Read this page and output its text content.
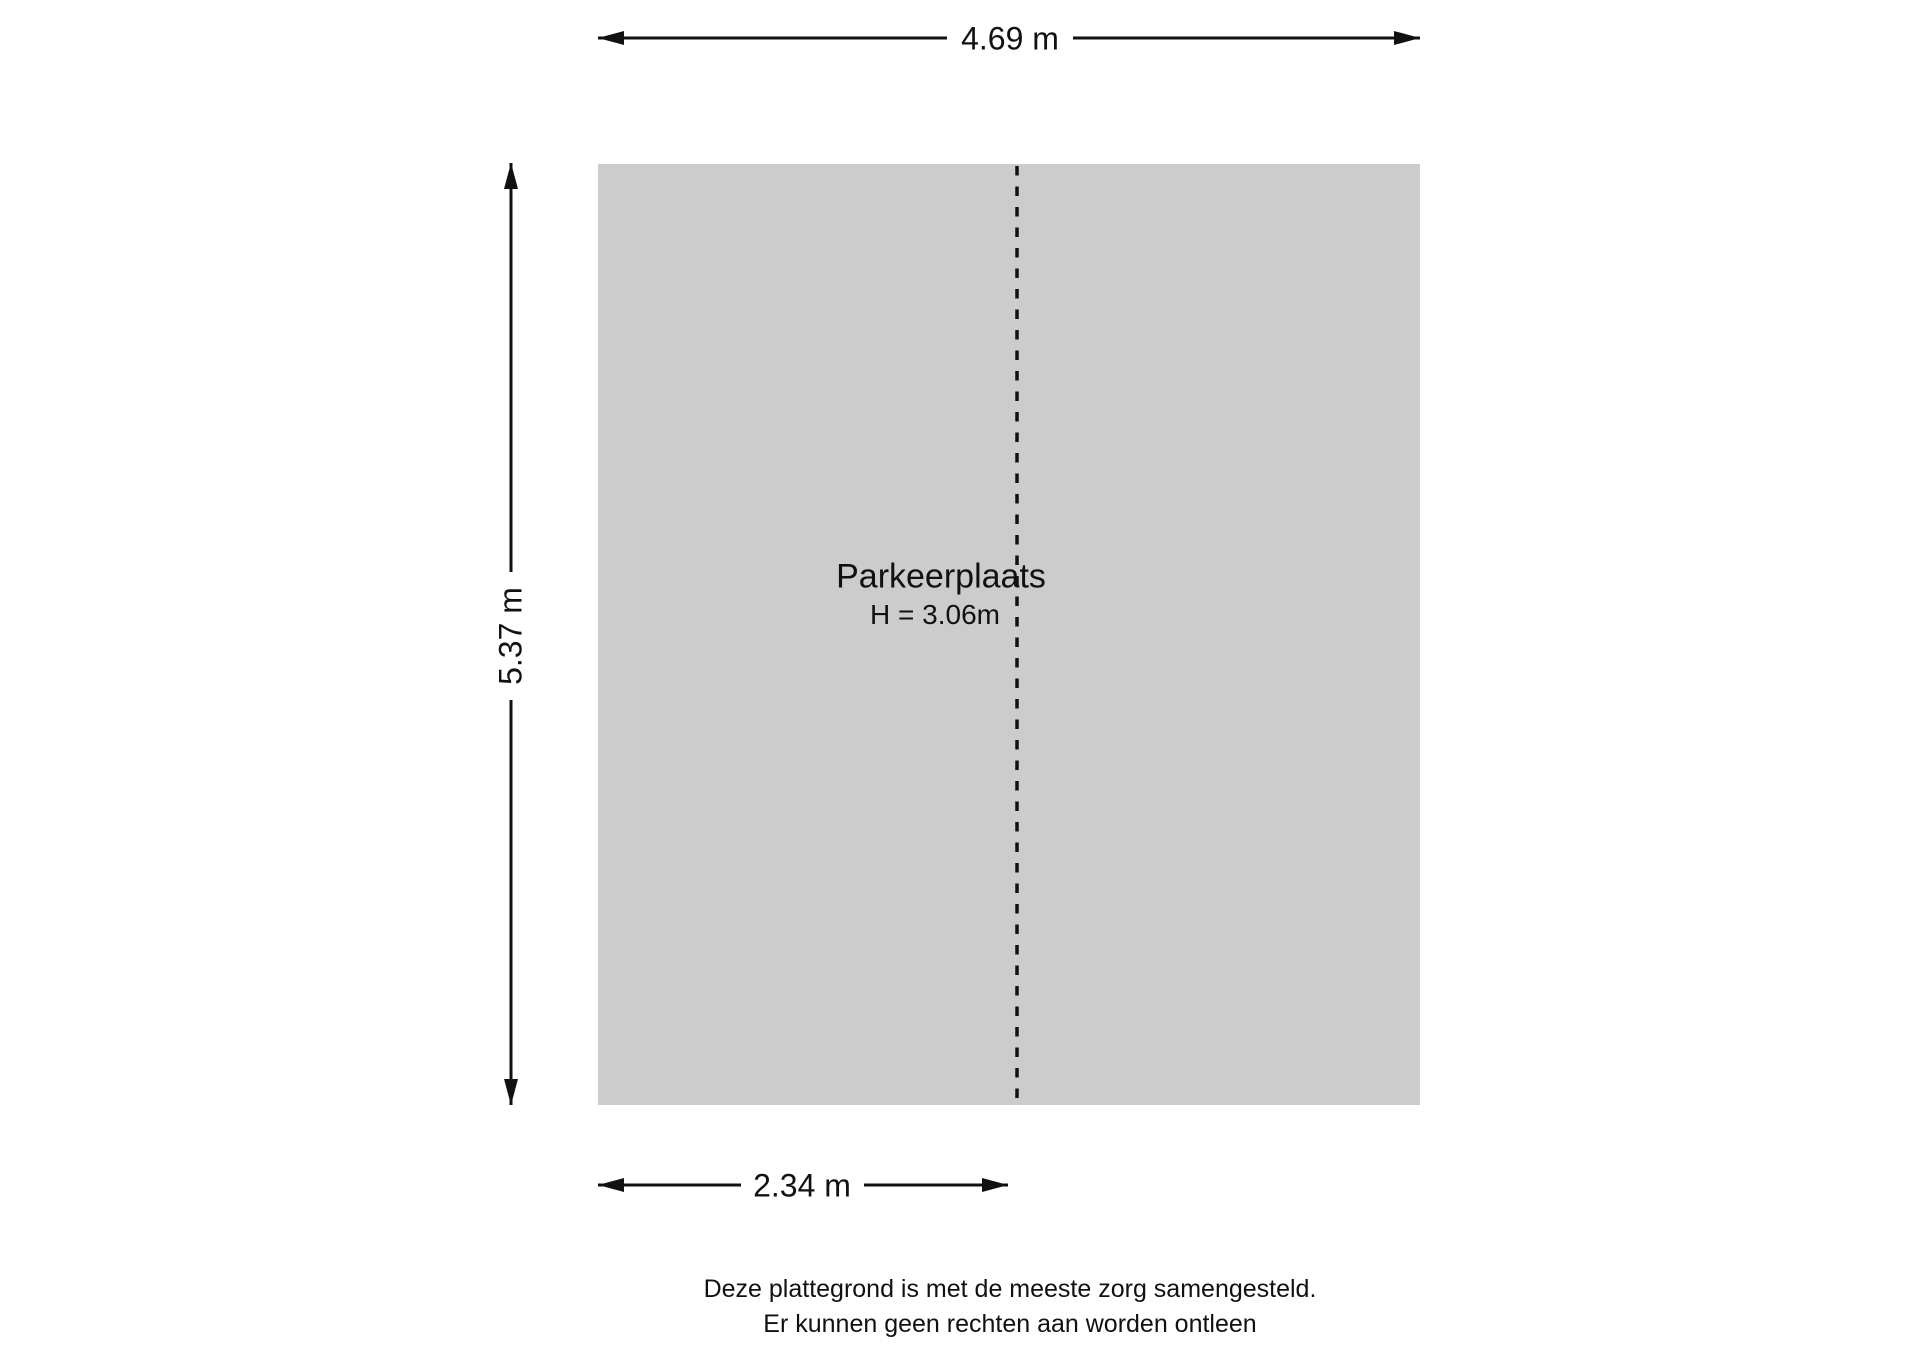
4.69 m
5.37 m
2.34 m
Parkeerplaats
H = 3.06m
Deze plattegrond is met de meeste zorg samengesteld.
Er kunnen geen rechten aan worden ontleen
